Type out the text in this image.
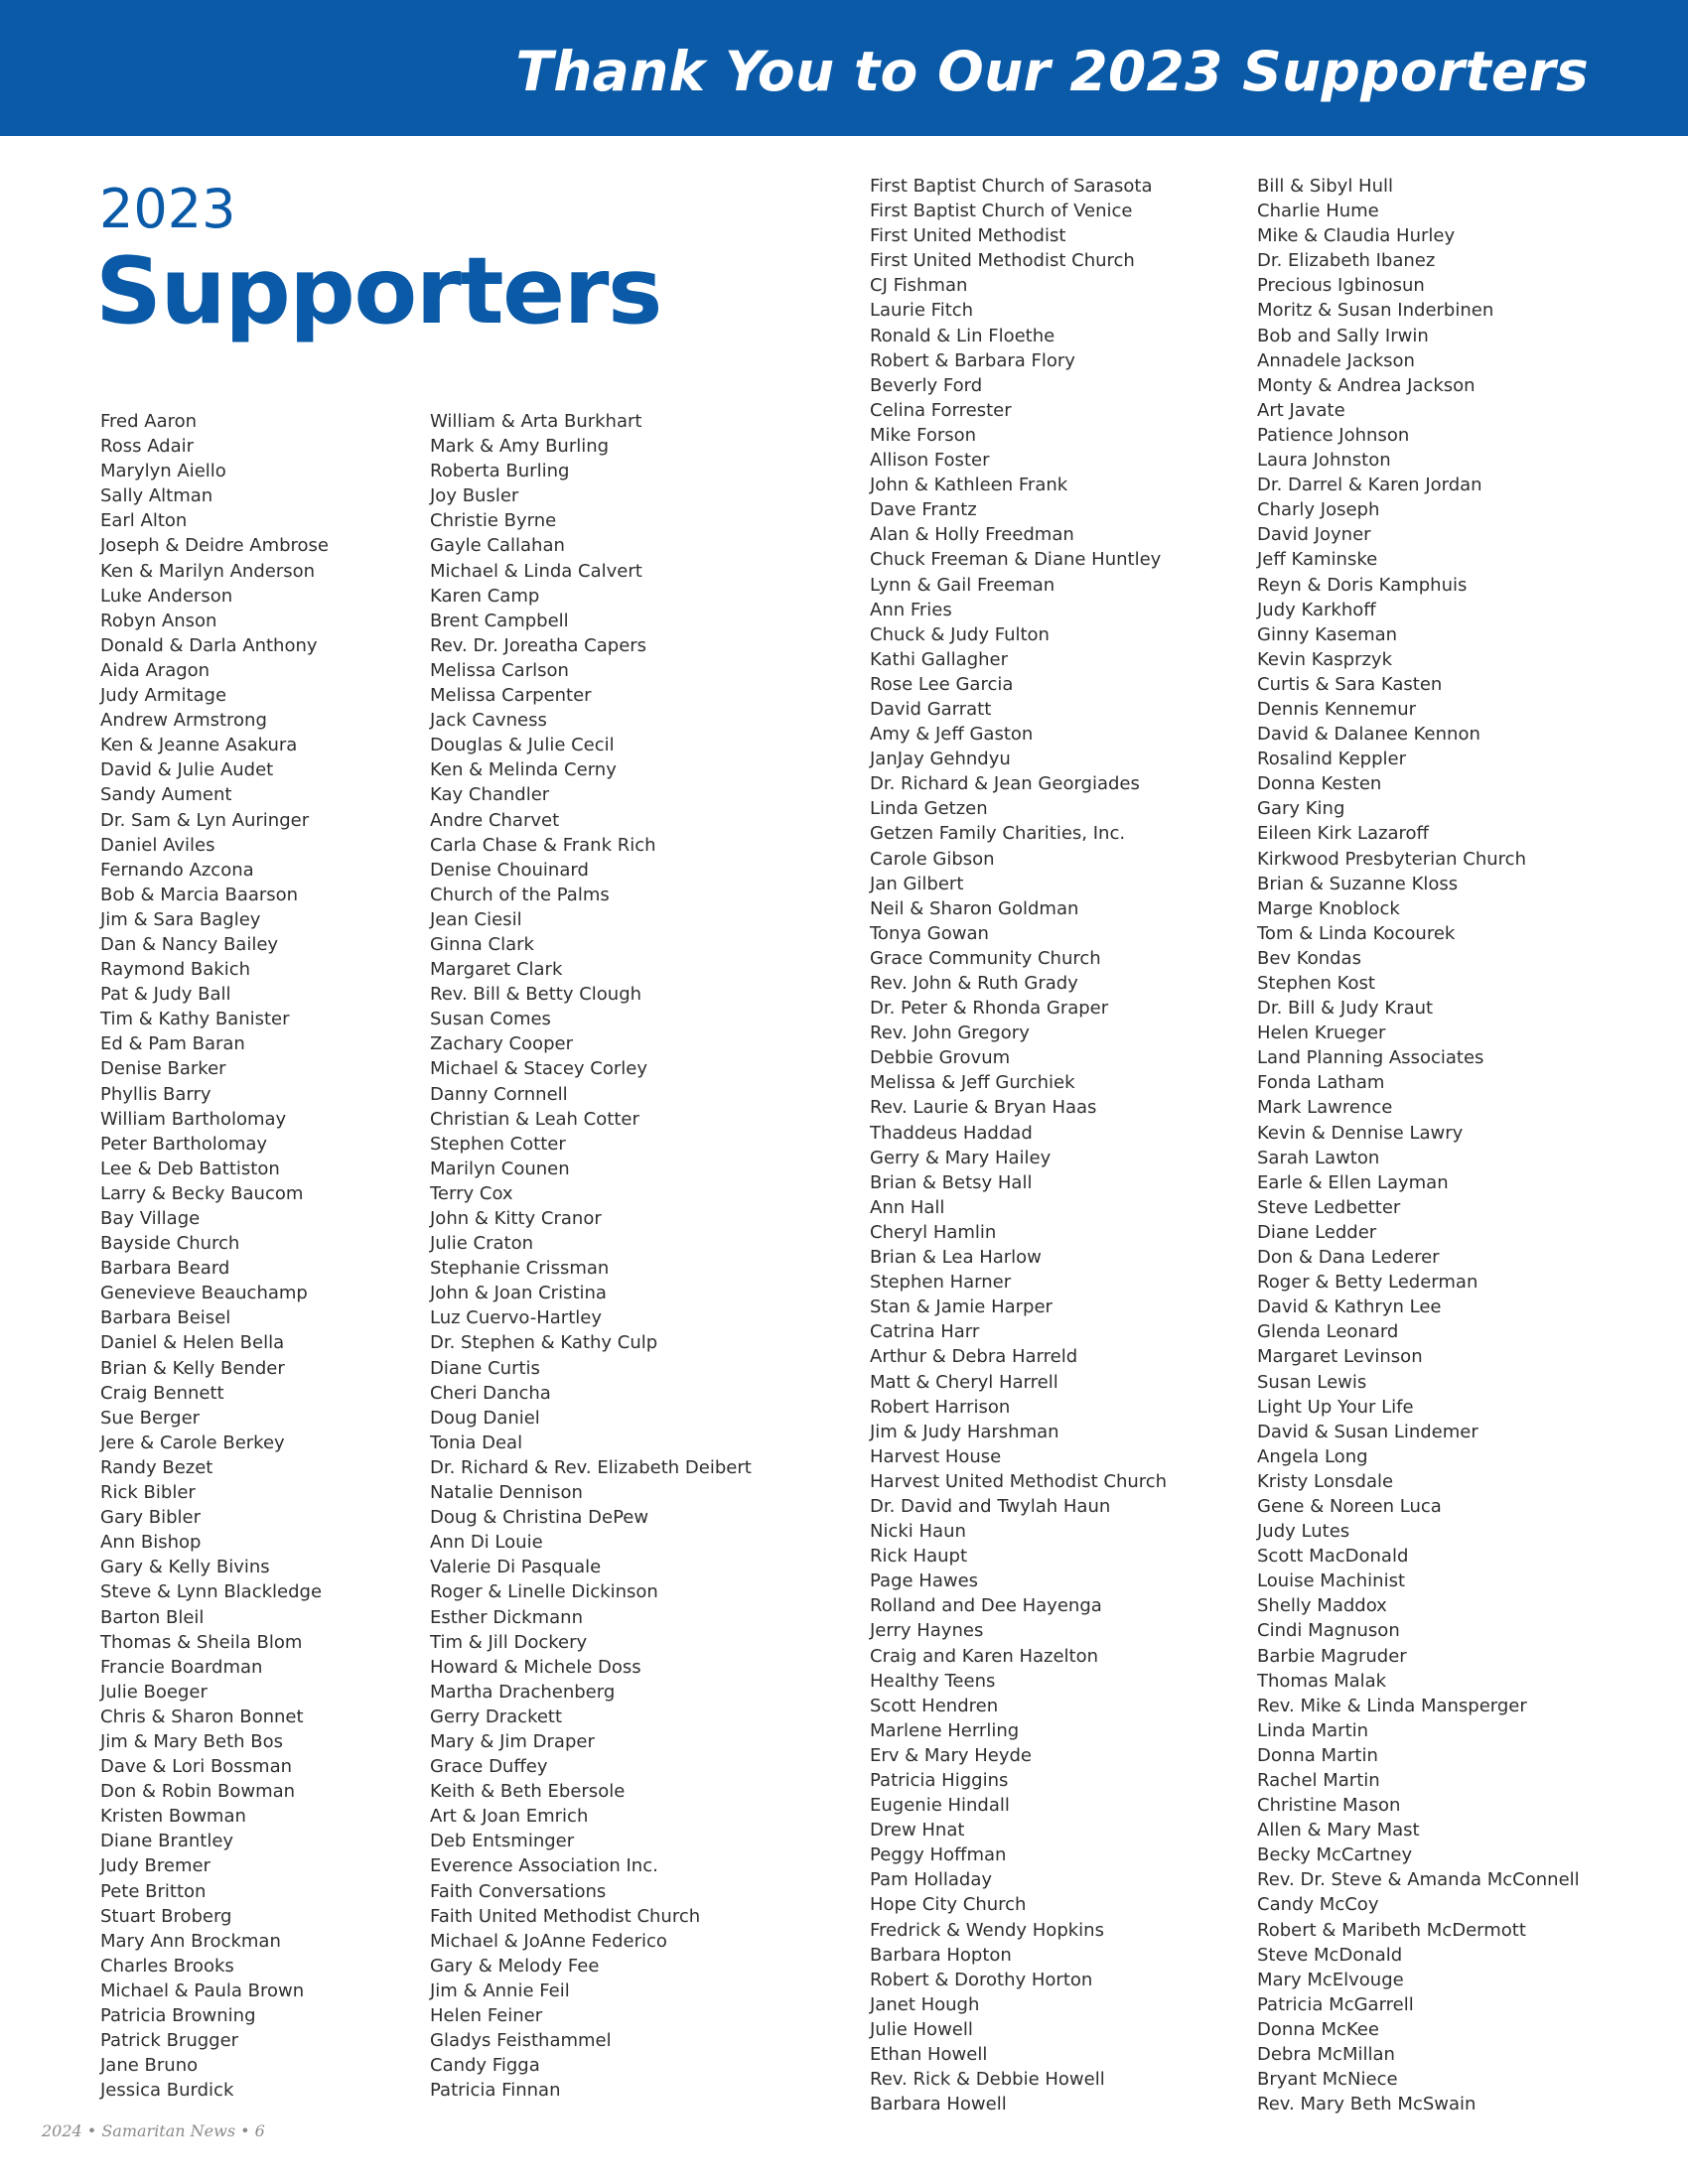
Thank You to Our 2023 Supporters
2023
Supporters
Fred Aaron
Ross Adair
Marylyn Aiello
Sally Altman
Earl Alton
Joseph & Deidre Ambrose
Ken & Marilyn Anderson
Luke Anderson
Robyn Anson
Donald & Darla Anthony
Aida Aragon
Judy Armitage
Andrew Armstrong
Ken & Jeanne Asakura
David & Julie Audet
Sandy Aument
Dr. Sam & Lyn Auringer
Daniel Aviles
Fernando Azcona
Bob & Marcia Baarson
Jim & Sara Bagley
Dan & Nancy Bailey
Raymond Bakich
Pat & Judy Ball
Tim & Kathy Banister
Ed & Pam Baran
Denise Barker
Phyllis Barry
William Bartholomay
Peter Bartholomay
Lee & Deb Battiston
Larry & Becky Baucom
Bay Village
Bayside Church
Barbara Beard
Genevieve Beauchamp
Barbara Beisel
Daniel & Helen Bella
Brian & Kelly Bender
Craig Bennett
Sue Berger
Jere & Carole Berkey
Randy Bezet
Rick Bibler
Gary Bibler
Ann Bishop
Gary & Kelly Bivins
Steve & Lynn Blackledge
Barton Bleil
Thomas & Sheila Blom
Francie Boardman
Julie Boeger
Chris & Sharon Bonnet
Jim & Mary Beth Bos
Dave & Lori Bossman
Don & Robin Bowman
Kristen Bowman
Diane Brantley
Judy Bremer
Pete Britton
Stuart Broberg
Mary Ann Brockman
Charles Brooks
Michael & Paula Brown
Patricia Browning
Patrick Brugger
Jane Bruno
Jessica Burdick
William & Arta Burkhart
Mark & Amy Burling
Roberta Burling
Joy Busler
Christie Byrne
Gayle Callahan
Michael & Linda Calvert
Karen Camp
Brent Campbell
Rev. Dr. Joreatha Capers
Melissa Carlson
Melissa Carpenter
Jack Cavness
Douglas & Julie Cecil
Ken & Melinda Cerny
Kay Chandler
Andre Charvet
Carla Chase & Frank Rich
Denise Chouinard
Church of the Palms
Jean Ciesil
Ginna Clark
Margaret Clark
Rev. Bill & Betty Clough
Susan Comes
Zachary Cooper
Michael & Stacey Corley
Danny Cornnell
Christian & Leah Cotter
Stephen Cotter
Marilyn Counen
Terry Cox
John & Kitty Cranor
Julie Craton
Stephanie Crissman
John & Joan Cristina
Luz Cuervo-Hartley
Dr. Stephen & Kathy Culp
Diane Curtis
Cheri Dancha
Doug Daniel
Tonia Deal
Dr. Richard & Rev. Elizabeth Deibert
Natalie Dennison
Doug & Christina DePew
Ann Di Louie
Valerie Di Pasquale
Roger & Linelle Dickinson
Esther Dickmann
Tim & Jill Dockery
Howard & Michele Doss
Martha Drachenberg
Gerry Drackett
Mary & Jim Draper
Grace Duffey
Keith & Beth Ebersole
Art & Joan Emrich
Deb Entsminger
Everence Association Inc.
Faith Conversations
Faith United Methodist Church
Michael & JoAnne Federico
Gary & Melody Fee
Jim & Annie Feil
Helen Feiner
Gladys Feisthammel
Candy Figga
Patricia Finnan
First Baptist Church of Sarasota
First Baptist Church of Venice
First United Methodist
First United Methodist Church
CJ Fishman
Laurie Fitch
Ronald & Lin Floethe
Robert & Barbara Flory
Beverly Ford
Celina Forrester
Mike Forson
Allison Foster
John & Kathleen Frank
Dave Frantz
Alan & Holly Freedman
Chuck Freeman & Diane Huntley
Lynn & Gail Freeman
Ann Fries
Chuck & Judy Fulton
Kathi Gallagher
Rose Lee Garcia
David Garratt
Amy & Jeff Gaston
JanJay Gehndyu
Dr. Richard & Jean Georgiades
Linda Getzen
Getzen Family Charities, Inc.
Carole Gibson
Jan Gilbert
Neil & Sharon Goldman
Tonya Gowan
Grace Community Church
Rev. John & Ruth Grady
Dr. Peter & Rhonda Graper
Rev. John Gregory
Debbie Grovum
Melissa & Jeff Gurchiek
Rev. Laurie & Bryan Haas
Thaddeus Haddad
Gerry & Mary Hailey
Brian & Betsy Hall
Ann Hall
Cheryl Hamlin
Brian & Lea Harlow
Stephen Harner
Stan & Jamie Harper
Catrina Harr
Arthur & Debra Harreld
Matt & Cheryl Harrell
Robert Harrison
Jim & Judy Harshman
Harvest House
Harvest United Methodist Church
Dr. David and Twylah Haun
Nicki Haun
Rick Haupt
Page Hawes
Rolland and Dee Hayenga
Jerry Haynes
Craig and Karen Hazelton
Healthy Teens
Scott Hendren
Marlene Herrling
Erv & Mary Heyde
Patricia Higgins
Eugenie Hindall
Drew Hnat
Peggy Hoffman
Pam Holladay
Hope City Church
Fredrick & Wendy Hopkins
Barbara Hopton
Robert & Dorothy Horton
Janet Hough
Julie Howell
Ethan Howell
Rev. Rick & Debbie Howell
Barbara Howell
Bill & Sibyl Hull
Charlie Hume
Mike & Claudia Hurley
Dr. Elizabeth Ibanez
Precious Igbinosun
Moritz & Susan Inderbinen
Bob and Sally Irwin
Annadele Jackson
Monty & Andrea Jackson
Art Javate
Patience Johnson
Laura Johnston
Dr. Darrel & Karen Jordan
Charly Joseph
David Joyner
Jeff Kaminske
Reyn & Doris Kamphuis
Judy Karkhoff
Ginny Kaseman
Kevin Kasprzyk
Curtis & Sara Kasten
Dennis Kennemur
David & Dalanee Kennon
Rosalind Keppler
Donna Kesten
Gary King
Eileen Kirk Lazaroff
Kirkwood Presbyterian Church
Brian & Suzanne Kloss
Marge Knoblock
Tom & Linda Kocourek
Bev Kondas
Stephen Kost
Dr. Bill & Judy Kraut
Helen Krueger
Land Planning Associates
Fonda Latham
Mark Lawrence
Kevin & Dennise Lawry
Sarah Lawton
Earle & Ellen Layman
Steve Ledbetter
Diane Ledder
Don & Dana Lederer
Roger & Betty Lederman
David & Kathryn Lee
Glenda Leonard
Margaret Levinson
Susan Lewis
Light Up Your Life
David & Susan Lindemer
Angela Long
Kristy Lonsdale
Gene & Noreen Luca
Judy Lutes
Scott MacDonald
Louise Machinist
Shelly Maddox
Cindi Magnuson
Barbie Magruder
Thomas Malak
Rev. Mike & Linda Mansperger
Linda Martin
Donna Martin
Rachel Martin
Christine Mason
Allen & Mary Mast
Becky McCartney
Rev. Dr. Steve & Amanda McConnell
Candy McCoy
Robert & Maribeth McDermott
Steve McDonald
Mary McElvouge
Patricia McGarrell
Donna McKee
Debra McMillan
Bryant McNiece
Rev. Mary Beth McSwain
2024 • Samaritan News • 6
